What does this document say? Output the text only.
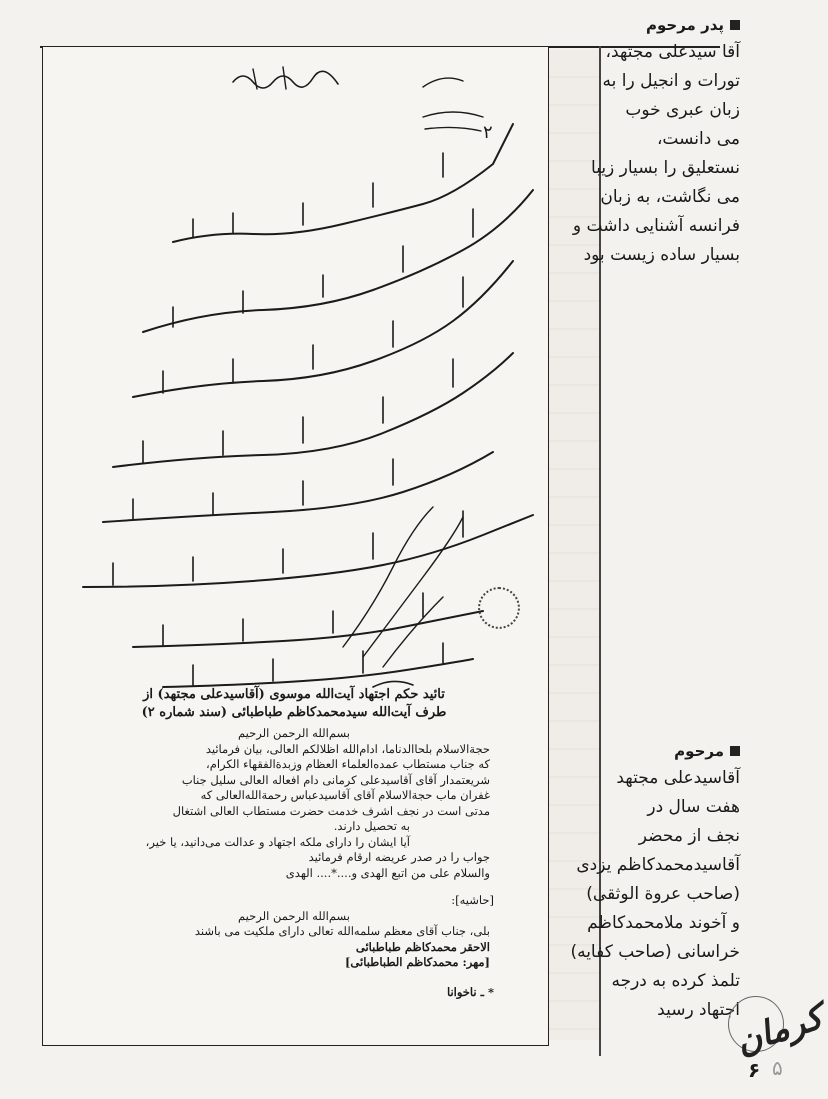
پدر مرحوم
آقا سیدعلی مجتهد،
تورات و انجیل را به
زبان عبری خوب
می دانست،
نستعلیق را بسیار زیبا
می نگاشت، به زبان
فرانسه آشنایی داشت و
بسیار ساده زیست بود
مرحوم
آقاسیدعلی مجتهد
هفت سال در
نجف از محضر
آقاسیدمحمدکاظم یزدی
(صاحب عروة الوثقی)
و آخوند ملامحمدکاظم
خراسانی (صاحب کفایه)
تلمذ کرده به درجه
اجتهاد رسید
٢
تائید حکم اجتهاد آیت‌الله موسوی (آقاسیدعلی مجتهد) از
طرف آیت‌الله سیدمحمدکاظم طباطبائی (سند شماره ٢)
بسم‌الله الرحمن الرحیم
حجة‌الاسلام بلحاالدناما، ادام‌الله اظلالکم العالی، بیان فرمائید
که جناب مستطاب عمده‌العلماء العظام وزبدة‌الفقهاء الکرام،
شریعتمدار آقای آقاسیدعلی کرمانی دام افعاله العالی سلیل جناب
غفران ماب حجة‌الاسلام آقای آقاسیدعباس رحمة‌الله‌العالی که
مدتی است در نجف اشرف خدمت حضرت مستطاب العالی اشتغال
به تحصیل دارند.
آیا ایشان را دارای ملکه اجتهاد و عدالت می‌دانید، یا خیر،
جواب را در صدر عریضه ارقام فرمائید
والسلام علی من اتبع الهدی و....*.... الهدی
[حاشیه]:
بسم‌الله الرحمن الرحیم
بلی، جناب آقای معظم سلمه‌الله تعالی دارای ملکیت می باشند
الاحقر محمدکاظم طباطبائی
[مهر: محمدکاظم الطباطبائی]
* ـ ناخوانا
کرمان
۶ ۵
